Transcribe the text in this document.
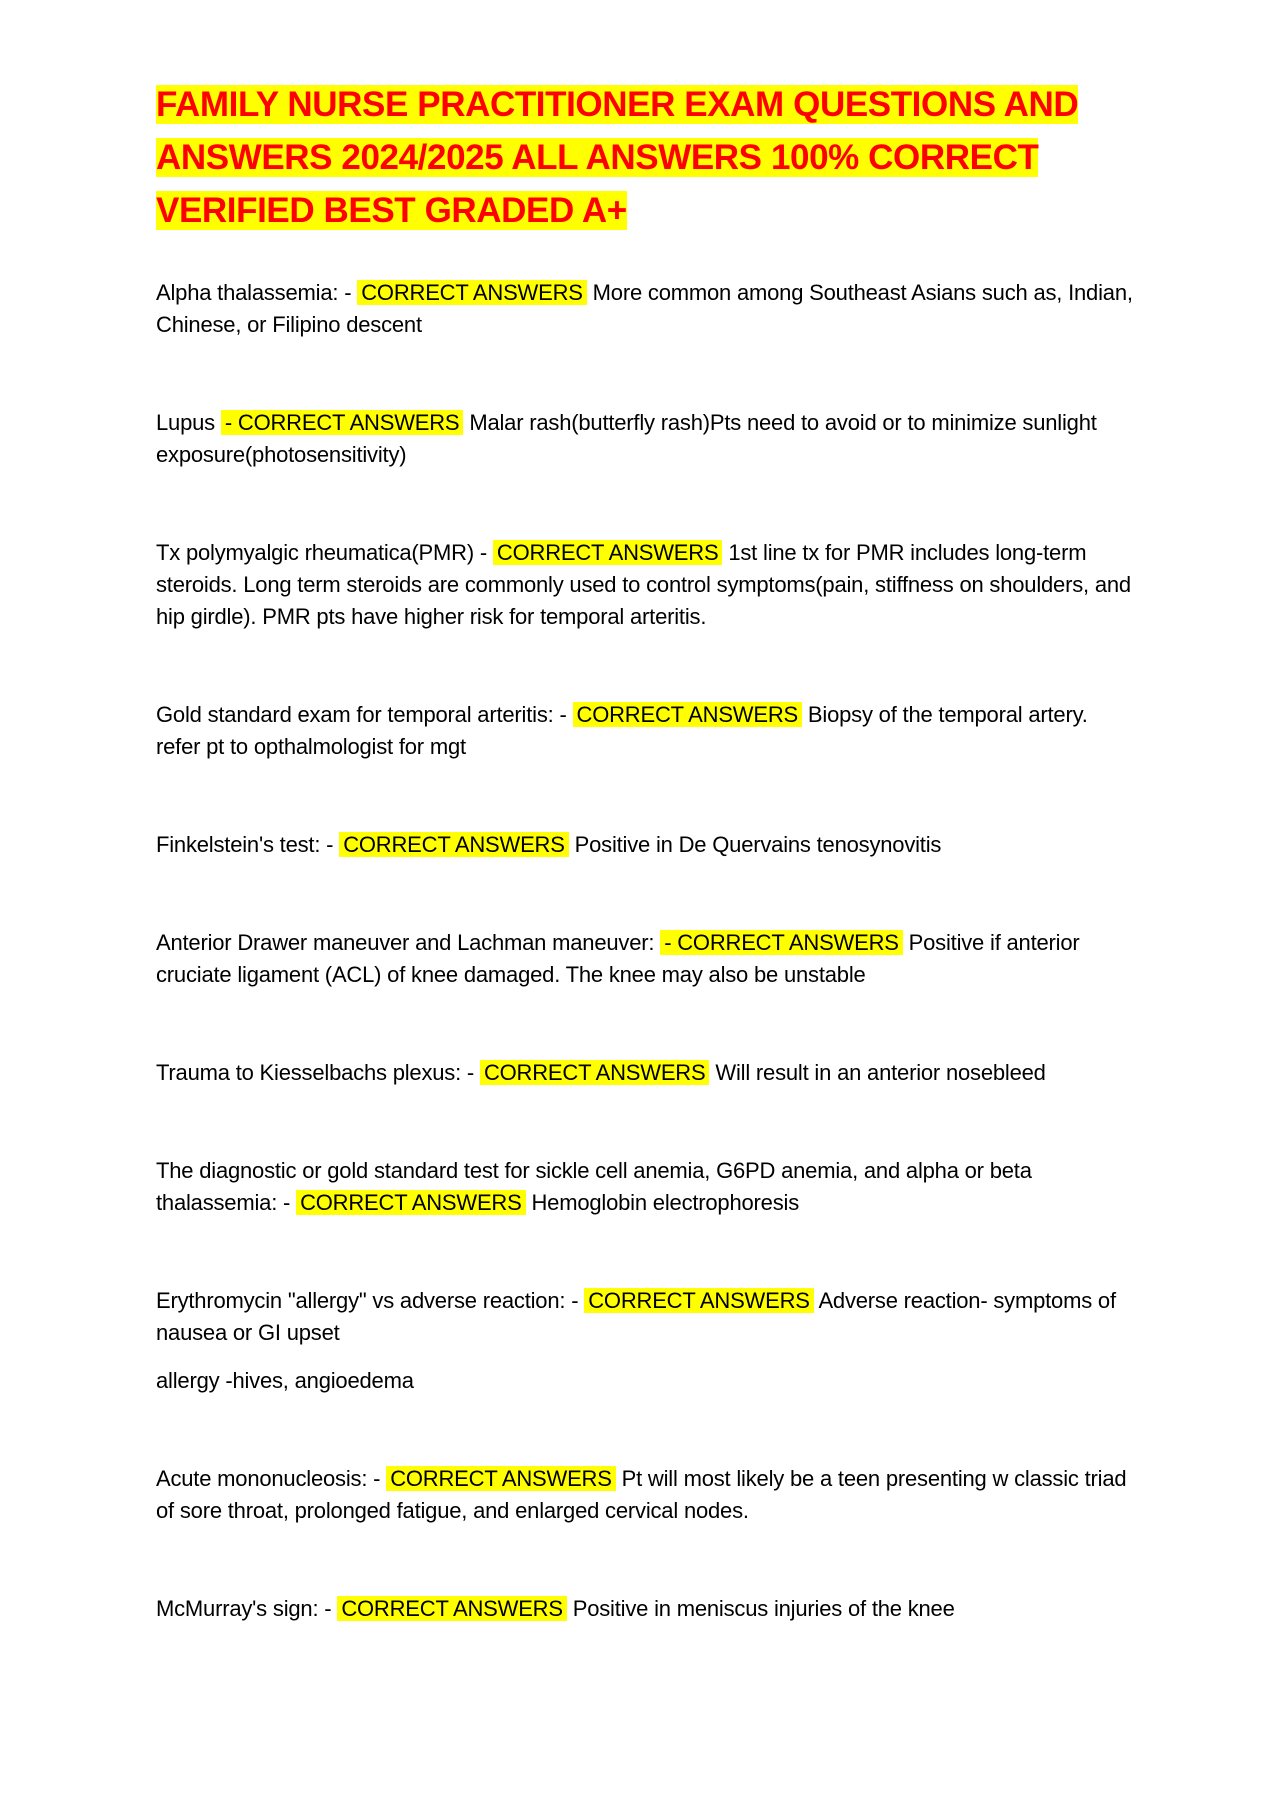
FAMILY NURSE PRACTITIONER EXAM QUESTIONS AND ANSWERS 2024/2025 ALL ANSWERS 100% CORRECT VERIFIED BEST GRADED A+

Alpha thalassemia: - CORRECT ANSWERS More common among Southeast Asians such as, Indian, Chinese, or Filipino descent

Lupus - CORRECT ANSWERS Malar rash(butterfly rash)Pts need to avoid or to minimize sunlight exposure(photosensitivity)

Tx polymyalgic rheumatica(PMR) - CORRECT ANSWERS 1st line tx for PMR includes long-term steroids. Long term steroids are commonly used to control symptoms(pain, stiffness on shoulders, and hip girdle). PMR pts have higher risk for temporal arteritis.

Gold standard exam for temporal arteritis: - CORRECT ANSWERS Biopsy of the temporal artery. refer pt to opthalmologist for mgt

Finkelstein's test: - CORRECT ANSWERS Positive in De Quervains tenosynovitis

Anterior Drawer maneuver and Lachman maneuver: - CORRECT ANSWERS Positive if anterior cruciate ligament (ACL) of knee damaged. The knee may also be unstable

Trauma to Kiesselbachs plexus: - CORRECT ANSWERS Will result in an anterior nosebleed

The diagnostic or gold standard test for sickle cell anemia, G6PD anemia, and alpha or beta thalassemia: - CORRECT ANSWERS Hemoglobin electrophoresis

Erythromycin "allergy" vs adverse reaction: - CORRECT ANSWERS Adverse reaction- symptoms of nausea or GI upset

allergy -hives, angioedema

Acute mononucleosis: - CORRECT ANSWERS Pt will most likely be a teen presenting w classic triad of sore throat, prolonged fatigue, and enlarged cervical nodes.

McMurray's sign: - CORRECT ANSWERS Positive in meniscus injuries of the knee
